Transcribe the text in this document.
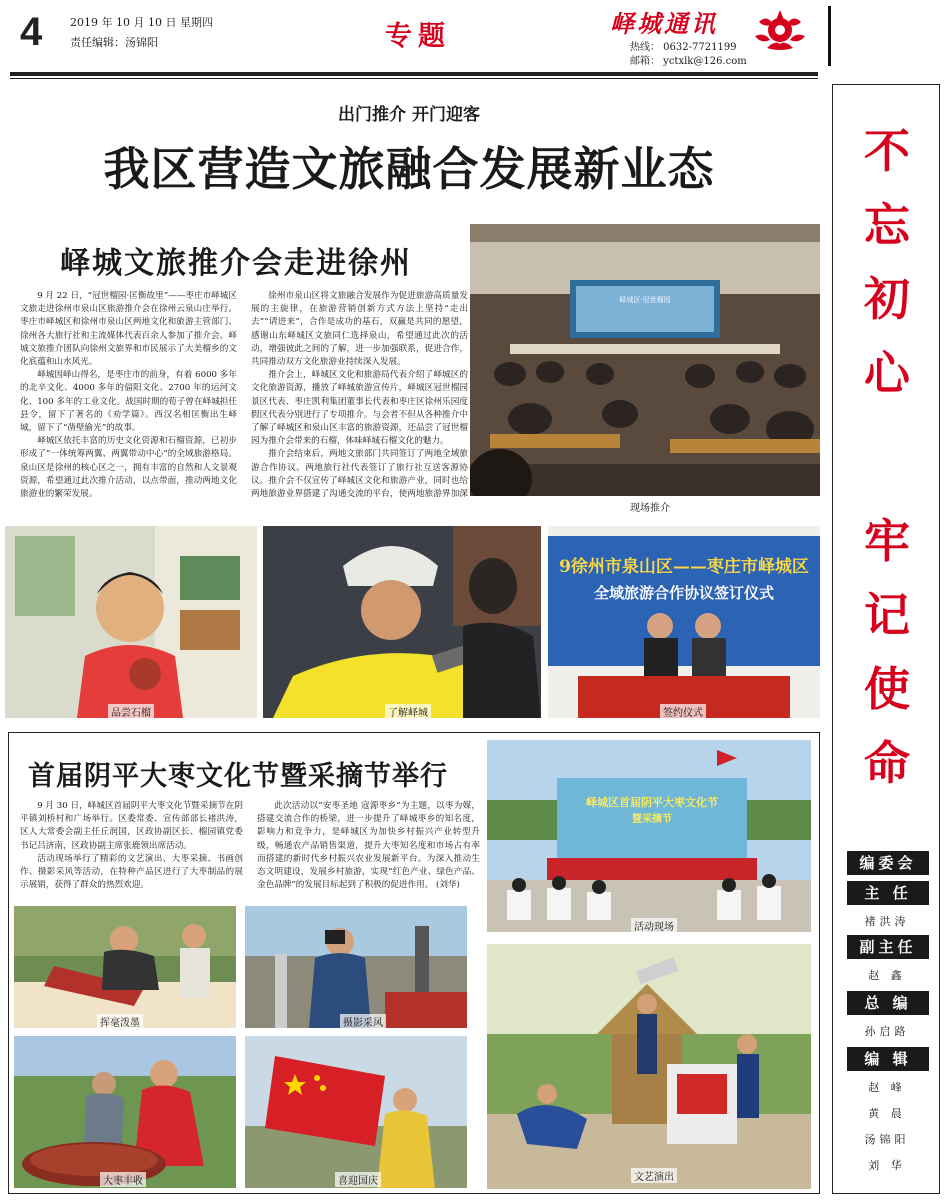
4	2019 年 10 月 10 日 星期四
责任编辑：汤锦阳	专题	峄城通讯
热线： 0632-7721199
邮箱： yctxlk@126.com
不
忘
初
心
牢
记
使
命
编委会
主 任
褚洪涛
副主任
赵 鑫
总 编
孙启路
编 辑
赵 峰
黄 晨
汤锦阳
刘 华
出门推介 开门迎客
我区营造文旅融合发展新业态
峄城文旅推介会走进徐州

9 月 22 日，“冠世榴园·匡衡故里”——枣庄市峄城区文旅走进徐州市泉山区旅游推介会在徐州云泉山庄举行。枣庄市峄城区和徐州市泉山区两地文化和旅游主管部门、徐州各大旅行社和主流媒体代表百余人参加了推介会。峄城文旅推介团队向徐州文旅界和市民展示了大美榴乡的文化底蕴和山水风光。

峄城因峄山得名，是枣庄市的前身，有着 6000 多年的北辛文化、4000 多年的偪阳文化、2700 年的运河文化、100 多年的工业文化。战国时期的荀子曾在峄城担任县令，留下了著名的《劝学篇》。西汉名相匡衡出生峄城，留下了“凿壁偷光”的故事。

峄城区依托丰富的历史文化资源和石榴资源，已初步形成了“一体统筹两翼、两翼带动中心”的全域旅游格局。泉山区是徐州的核心区之一，拥有丰富的自然和人文景观资源，希望通过此次推介活动，以点带面，推动两地文化旅游业的繁荣发展。

徐州市泉山区将文旅融合发展作为促进旅游高质量发展的主旋律，在旅游营销创新方式方法上坚持“走出去”“请进来”，合作是成功的基石，双赢是共同的愿望，感谢山东峄城区文旅同仁选择泉山，希望通过此次的活动，增强彼此之间的了解，进一步加强联系，促进合作，共同推动双方文化旅游业持续深入发展。

推介会上，峄城区文化和旅游局代表介绍了峄城区的文化旅游资源，播放了峄城旅游宣传片，峄城区冠世榴园景区代表、枣庄凯利集团董事长代表和枣庄区徐州乐园度假区代表分别进行了专项推介。与会者不但从各种推介中了解了峄城区和泉山区丰富的旅游资源，还品尝了冠世榴园为推介会带来的石榴，体味峄城石榴文化的魅力。

推介会结束后，两地文旅部门共同签订了两地全域旅游合作协议。两地旅行社代表签订了旅行社互送客源协议。推介会不仅宣传了峄城区文化和旅游产业，同时也给两地旅游业界搭建了沟通交流的平台，使两地旅游界加深

峄城区·冠世榴园
现场推介
品尝石榴	了解峄城
9徐州市泉山区——枣庄市峄城区
全域旅游合作协议签订仪式
签约仪式
首届阴平大枣文化节暨采摘节举行

9 月 30 日，峄城区首届阴平大枣文化节暨采摘节在阴平镇刘桥村和广场举行。区委常委、宣传部部长褚洪涛，区人大常委会副主任丘润国，区政协副区长、榴园镇党委书记吕济南，区政协副主席张鹿领出席活动。

活动现场举行了精彩的文艺演出、大枣采摘、书画创作、摄影采风等活动，在特种产品区进行了大枣制品的展示展销，获得了群众的热烈欢迎。

此次活动以“安枣圣地 寇源枣乡”为主题，以枣为媒，搭建交流合作的桥梁，进一步提升了峄城枣乡的知名度，影响力和竞争力，是峄城区为加快乡村振兴产业转型升级，畅通农产品销售渠道，提升大枣知名度和市场占有率而搭建的新时代乡村振兴农业发展新平台。为深入推动生态文明建设，发展乡村旅游，实现“红色产业、绿色产品、金色品牌”的发展目标起到了积极的促进作用。 (刘华)

峄城区首届阴平大枣文化节
暨采摘节
活动现场
挥毫泼墨	摄影采风
文艺演出
大枣丰收	喜迎国庆
